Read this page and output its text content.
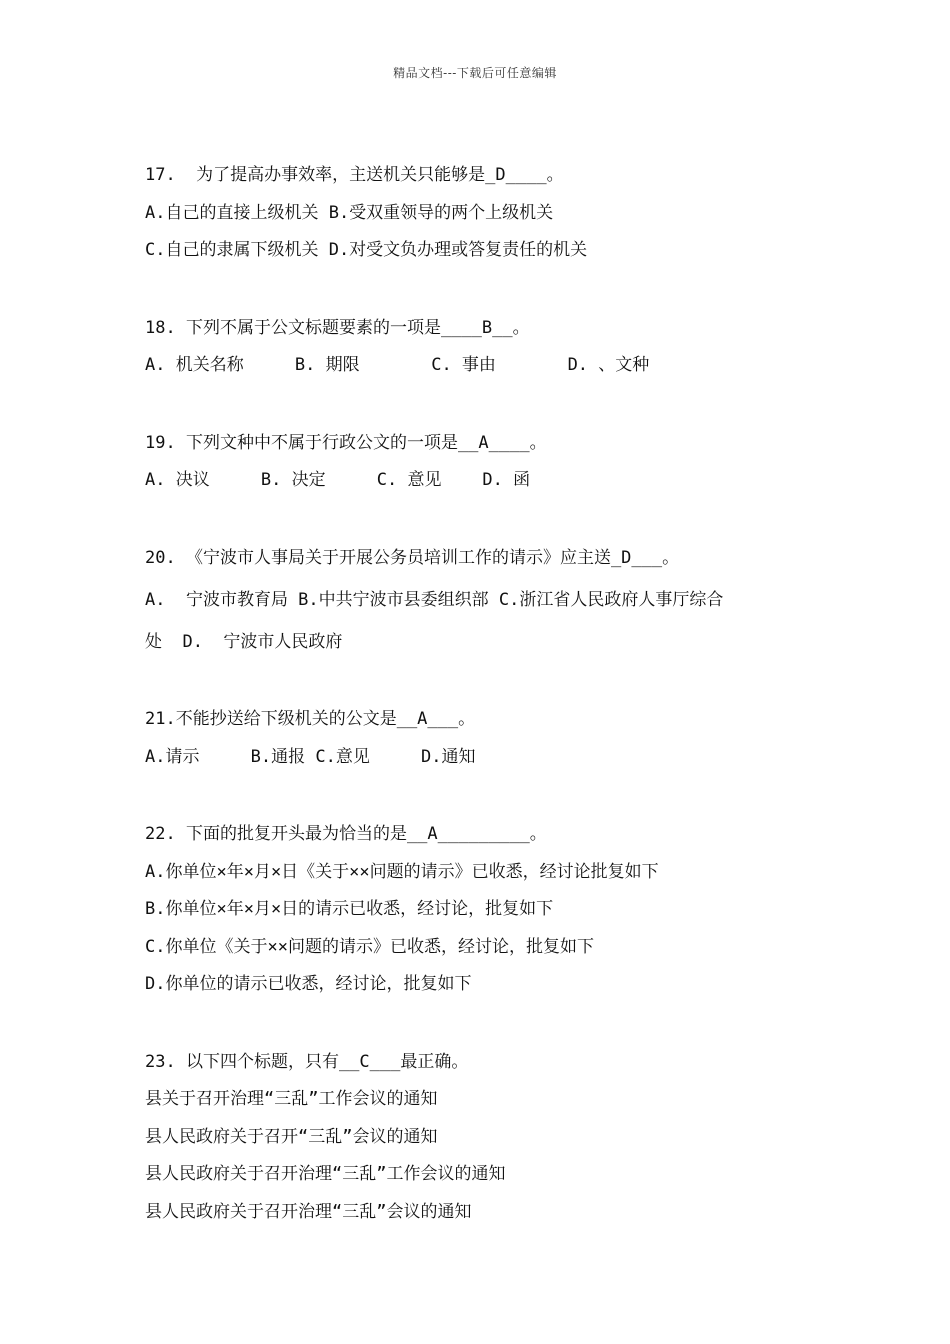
精品文档---下载后可任意编辑
17.  为了提高办事效率，主送机关只能够是_D____。
A.自己的直接上级机关 B.受双重领导的两个上级机关
C.自己的隶属下级机关 D.对受文负办理或答复责任的机关
18. 下列不属于公文标题要素的一项是____B__。
A. 机关名称     B. 期限       C. 事由       D. 、文种
19. 下列文种中不属于行政公文的一项是__A____。
A. 决议     B. 决定     C. 意见    D. 函
20. 《宁波市人事局关于开展公务员培训工作的请示》应主送_D___。
A.  宁波市教育局 B.中共宁波市县委组织部 C.浙江省人民政府人事厅综合
处  D.  宁波市人民政府
21.不能抄送给下级机关的公文是__A___。
A.请示     B.通报 C.意见     D.通知
22. 下面的批复开头最为恰当的是__A_________。
A.你单位×年×月×日《关于××问题的请示》已收悉，经讨论批复如下
B.你单位×年×月×日的请示已收悉，经讨论，批复如下
C.你单位《关于××问题的请示》已收悉，经讨论，批复如下
D.你单位的请示已收悉，经讨论，批复如下
23. 以下四个标题，只有__C___最正确。
县关于召开治理“三乱”工作会议的通知
县人民政府关于召开“三乱”会议的通知
县人民政府关于召开治理“三乱”工作会议的通知
县人民政府关于召开治理“三乱”会议的通知
